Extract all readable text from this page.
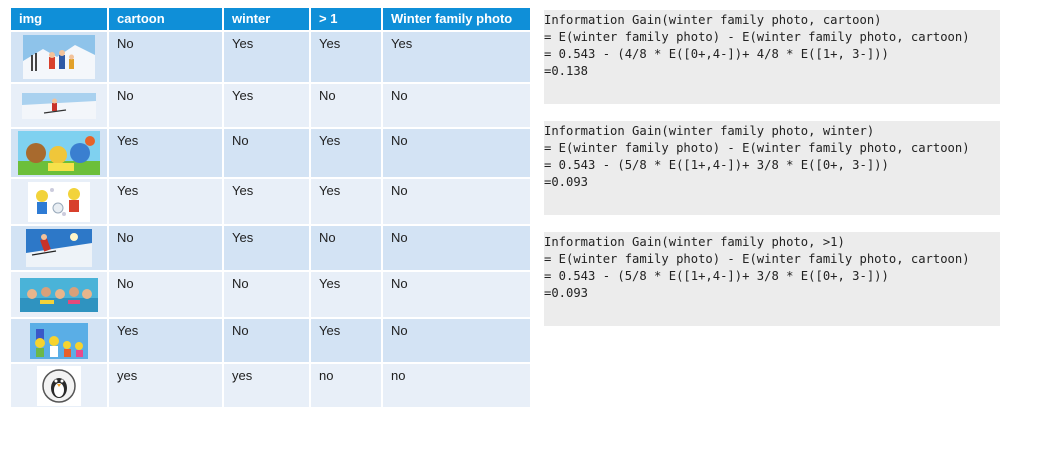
img	cartoon	winter	> 1	Winter family photo
	No	Yes	Yes	Yes
	No	Yes	No	No
	Yes	No	Yes	No
	Yes	Yes	Yes	No
	No	Yes	No	No
	No	No	Yes	No
	Yes	No	Yes	No
	yes	yes	no	no
Information Gain(winter family photo, cartoon)
= E(winter family photo) - E(winter family photo, cartoon)
= 0.543 - (4/8 * E([0+,4-])+ 4/8 * E([1+, 3-]))
=0.138
Information Gain(winter family photo, winter)
= E(winter family photo) - E(winter family photo, cartoon)
= 0.543 - (5/8 * E([1+,4-])+ 3/8 * E([0+, 3-]))
=0.093
Information Gain(winter family photo, >1)
= E(winter family photo) - E(winter family photo, cartoon)
= 0.543 - (5/8 * E([1+,4-])+ 3/8 * E([0+, 3-]))
=0.093
